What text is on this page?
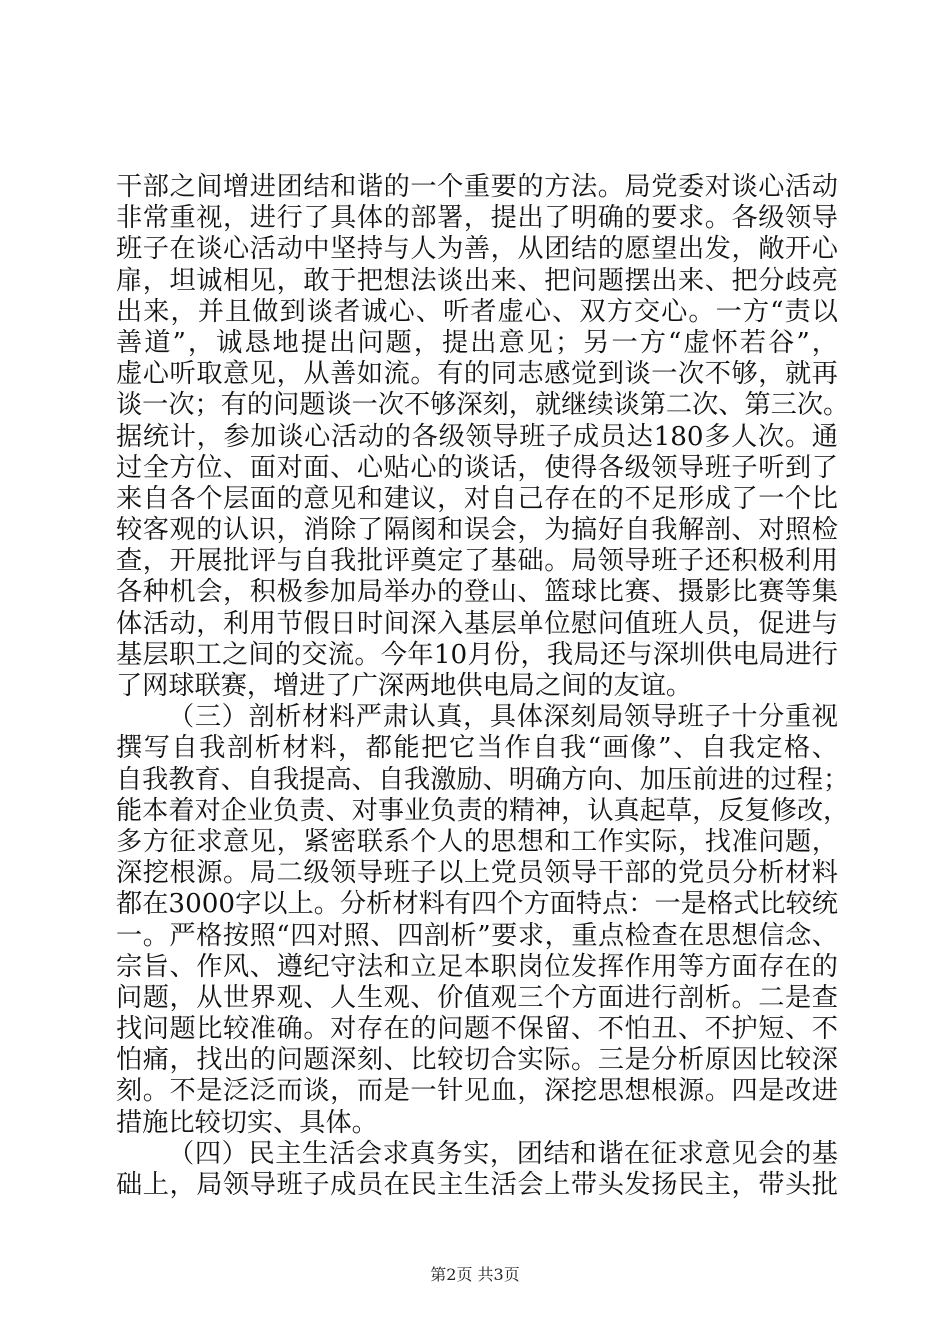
干部之间增进团结和谐的一个重要的方法。局党委对谈心活动
非常重视，进行了具体的部署，提出了明确的要求。各级领导
班子在谈心活动中坚持与人为善，从团结的愿望出发，敞开心
扉，坦诚相见，敢于把想法谈出来、把问题摆出来、把分歧亮
出来，并且做到谈者诚心、听者虚心、双方交心。一方“责以
善道”，诚恳地提出问题，提出意见；另一方“虚怀若谷”，
虚心听取意见，从善如流。有的同志感觉到谈一次不够，就再
谈一次；有的问题谈一次不够深刻，就继续谈第二次、第三次。
据统计，参加谈心活动的各级领导班子成员达180多人次。通
过全方位、面对面、心贴心的谈话，使得各级领导班子听到了
来自各个层面的意见和建议，对自己存在的不足形成了一个比
较客观的认识，消除了隔阂和误会，为搞好自我解剖、对照检
查，开展批评与自我批评奠定了基础。局领导班子还积极利用
各种机会，积极参加局举办的登山、篮球比赛、摄影比赛等集
体活动，利用节假日时间深入基层单位慰问值班人员，促进与
基层职工之间的交流。今年10月份，我局还与深圳供电局进行
了网球联赛，增进了广深两地供电局之间的友谊。
（三）剖析材料严肃认真，具体深刻局领导班子十分重视
撰写自我剖析材料，都能把它当作自我“画像”、自我定格、
自我教育、自我提高、自我激励、明确方向、加压前进的过程；
能本着对企业负责、对事业负责的精神，认真起草，反复修改，
多方征求意见，紧密联系个人的思想和工作实际，找准问题，
深挖根源。局二级领导班子以上党员领导干部的党员分析材料
都在3000字以上。分析材料有四个方面特点：一是格式比较统
一。严格按照“四对照、四剖析”要求，重点检查在思想信念、
宗旨、作风、遵纪守法和立足本职岗位发挥作用等方面存在的
问题，从世界观、人生观、价值观三个方面进行剖析。二是查
找问题比较准确。对存在的问题不保留、不怕丑、不护短、不
怕痛，找出的问题深刻、比较切合实际。三是分析原因比较深
刻。不是泛泛而谈，而是一针见血，深挖思想根源。四是改进
措施比较切实、具体。
（四）民主生活会求真务实，团结和谐在征求意见会的基
础上，局领导班子成员在民主生活会上带头发扬民主，带头批
第2页 共3页
